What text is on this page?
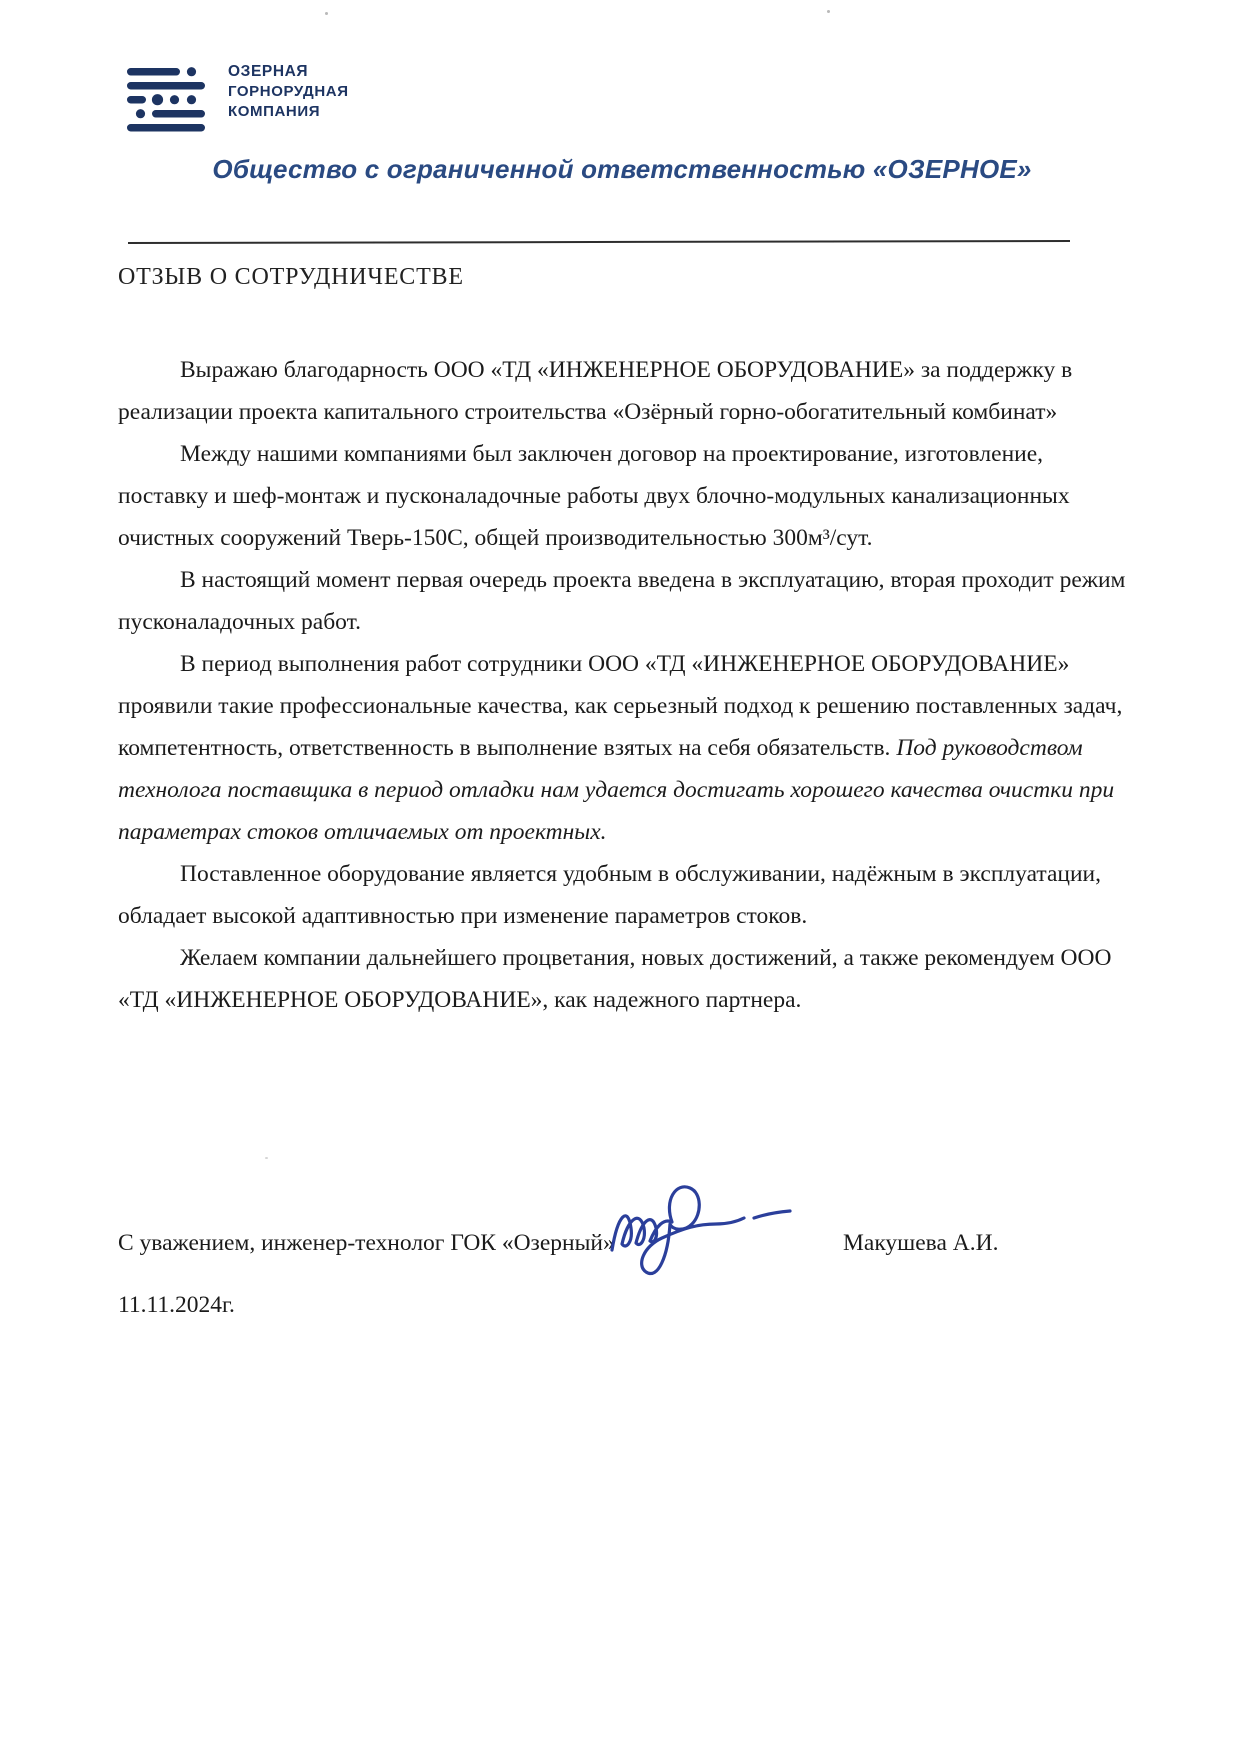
ОЗЕРНАЯ
ГОРНОРУДНАЯ
КОМПАНИЯ
Общество с ограниченной ответственностью «ОЗЕРНОЕ»
ОТЗЫВ О СОТРУДНИЧЕСТВЕ

Выражаю благодарность ООО «ТД «ИНЖЕНЕРНОЕ ОБОРУДОВАНИЕ» за поддержку в реализации проекта капитального строительства «Озёрный горно-обогатительный комбинат»

Между нашими компаниями был заключен договор на проектирование, изготовление, поставку и шеф-монтаж и пусконаладочные работы двух блочно-модульных канализационных очистных сооружений Тверь-150С, общей производительностью 300м³/сут.

В настоящий момент первая очередь проекта введена в эксплуатацию, вторая проходит режим пусконаладочных работ.

В период выполнения работ сотрудники ООО «ТД «ИНЖЕНЕРНОЕ ОБОРУДОВАНИЕ» проявили такие профессиональные качества, как серьезный подход к решению поставленных задач, компетентность, ответственность в выполнение взятых на себя обязательств. Под руководством технолога поставщика в период отладки нам удается достигать хорошего качества очистки при параметрах стоков отличаемых от проектных.

Поставленное оборудование является удобным в обслуживании, надёжным в эксплуатации, обладает высокой адаптивностью при изменение параметров стоков.

Желаем компании дальнейшего процветания, новых достижений, а также рекомендуем ООО «ТД «ИНЖЕНЕРНОЕ ОБОРУДОВАНИЕ», как надежного партнера.

С уважением, инженер-технолог ГОК «Озерный»	Макушева А.И.
11.11.2024г.
